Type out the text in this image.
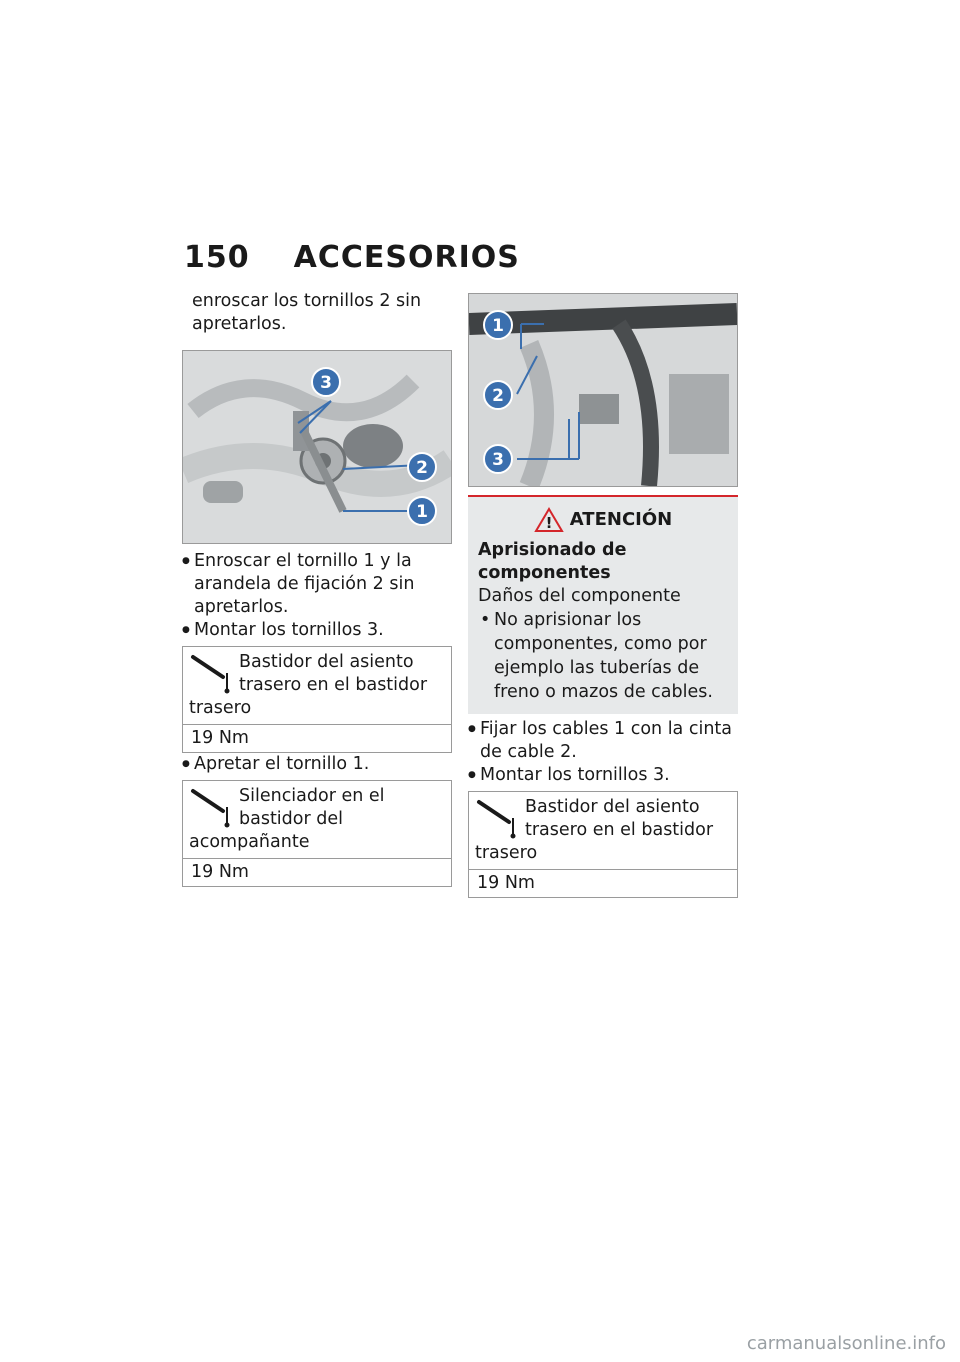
150 ACCESORIOS

enroscar los tornillos 2 sin apretarlos.

3
2
1
● Enroscar el tornillo 1 y la arandela de fijación 2 sin apretarlos.
● Montar los tornillos 3.
Bastidor del asiento trasero en el bastidor trasero
19 Nm
● Apretar el tornillo 1.
Silenciador en el bastidor del acompañante
19 Nm
1
2
3
! ATENCIÓN

Aprisionado de componentes

Daños del componente

• No aprisionar los componentes, como por ejemplo las tuberías de freno o mazos de cables.
● Fijar los cables 1 con la cinta de cable 2.
● Montar los tornillos 3.
Bastidor del asiento trasero en el bastidor trasero
19 Nm
carmanualsonline.info
